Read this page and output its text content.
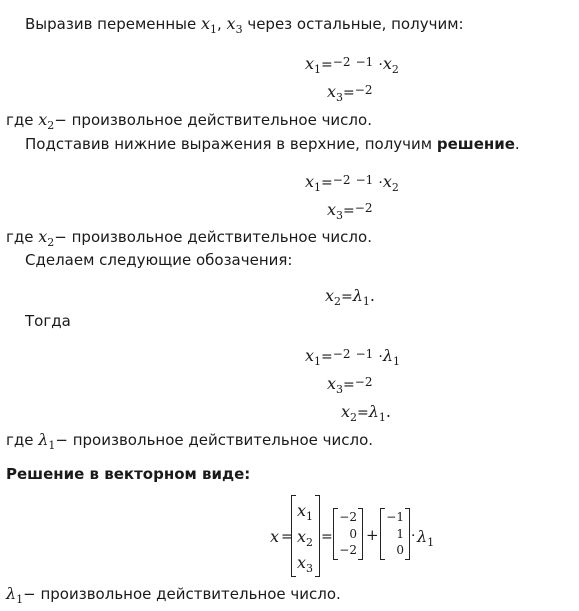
Выразив переменные $x_1$, $x_3$ через остальные, получим:
$x_1=-2 -1 \cdot x_2$
$x_3=-2$
где $x_2-$ произвольное действительное число.
Подставив нижние выражения в верхние, получим решение.
$x_1=-2 -1 \cdot x_2$
$x_3=-2$
где $x_2-$ произвольное действительное число.
Сделаем следующие обозачения:
$x_2=\lambda_1$.
Тогда
$x_1=-2 -1 \cdot\lambda_1$
$x_3=-2$
$x_2=\lambda_1$.
где $\lambda_1-$ произвольное действительное число.
Решение в векторном виде:
x =
$x_1$
$x_2$
$x_3$
=
−2
0
−2
+
−1
1
0
· $\lambda_1$
$\lambda_1-$ произвольное действительное число.
